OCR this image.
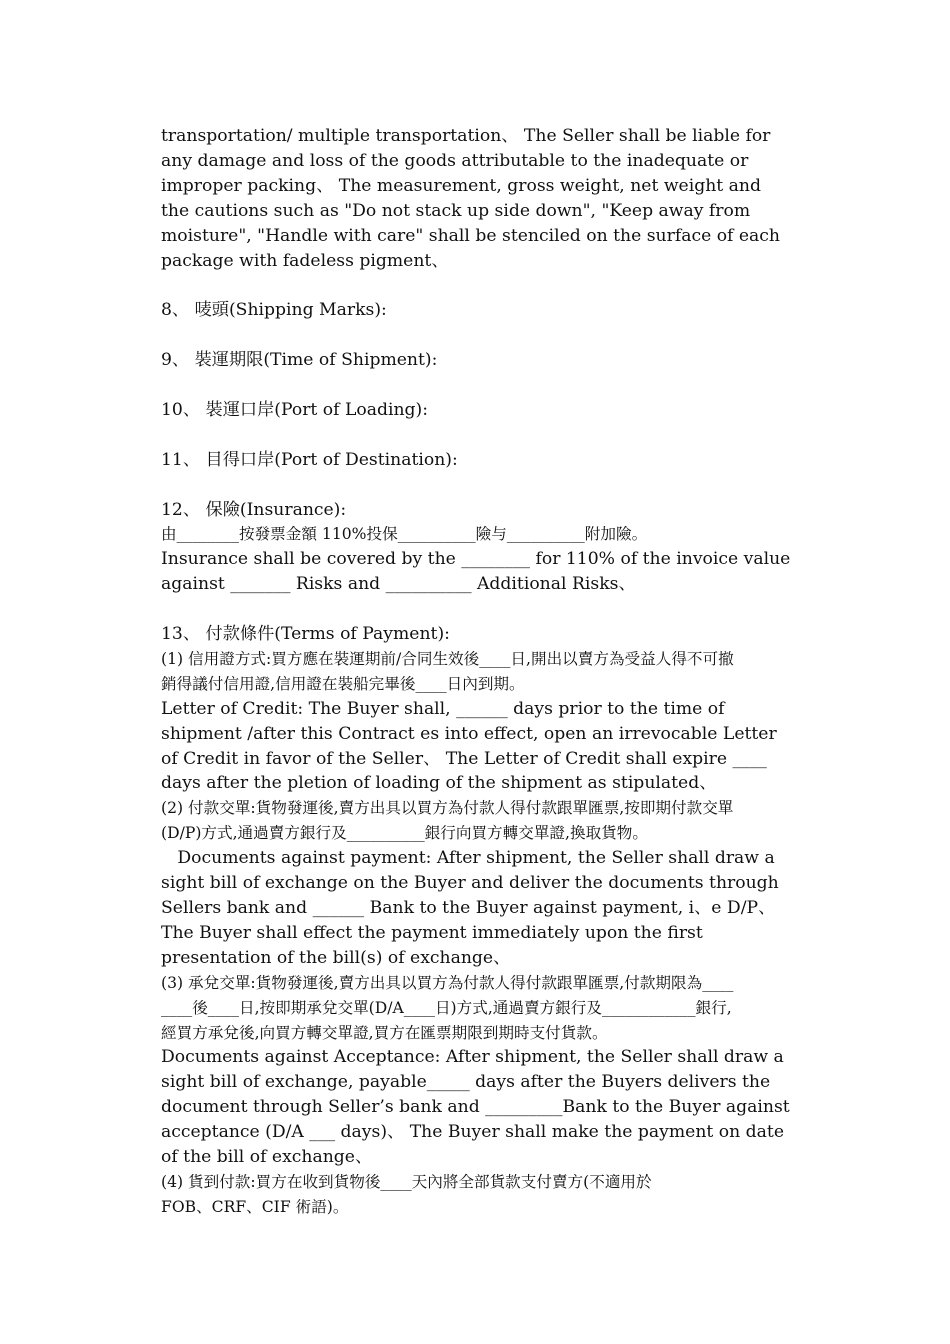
transportation/ multiple transportation、 The Seller shall be liable for
any damage and loss of the goods attributable to the inadequate or
improper packing、 The measurement, gross weight, net weight and
the cautions such as "Do not stack up side down", "Keep away from
moisture", "Handle with care" shall be stenciled on the surface of each
package with fadeless pigment、
8、 唛頭(Shipping Marks):
9、 裝運期限(Time of Shipment):
10、 裝運口岸(Port of Loading):
11、 目得口岸(Port of Destination):
12、 保險(Insurance):
由________按發票金額 110%投保__________險与__________附加險。
Insurance shall be covered by the ________ for 110% of the invoice value
against _______ Risks and __________ Additional Risks、
13、 付款條件(Terms of Payment):
(1) 信用證方式:買方應在裝運期前/合同生效後____日,開出以賣方為受益人得不可撤
銷得議付信用證,信用證在裝船完畢後____日內到期。
Letter of Credit: The Buyer shall, ______ days prior to the time of
shipment /after this Contract es into effect, open an irrevocable Letter
of Credit in favor of the Seller、 The Letter of Credit shall expire ____
days after the pletion of loading of the shipment as stipulated、
(2) 付款交單:貨物發運後,賣方出具以買方為付款人得付款跟單匯票,按即期付款交單
(D/P)方式,通過賣方銀行及__________銀行向買方轉交單證,換取貨物。
Documents against payment: After shipment, the Seller shall draw a
sight bill of exchange on the Buyer and deliver the documents through
Sellers bank and ______ Bank to the Buyer against payment, i、e D/P、
The Buyer shall effect the payment immediately upon the first
presentation of the bill(s) of exchange、
(3) 承兌交單:貨物發運後,賣方出具以買方為付款人得付款跟單匯票,付款期限為____
____後____日,按即期承兌交單(D/A____日)方式,通過賣方銀行及____________銀行,
經買方承兌後,向買方轉交單證,買方在匯票期限到期時支付貨款。
Documents against Acceptance: After shipment, the Seller shall draw a
sight bill of exchange, payable_____ days after the Buyers delivers the
document through Seller’s bank and _________Bank to the Buyer against
acceptance (D/A ___ days)、 The Buyer shall make the payment on date
of the bill of exchange、
(4) 貨到付款:買方在收到貨物後____天內將全部貨款支付賣方(不適用於
FOB、CRF、CIF 術語)。
